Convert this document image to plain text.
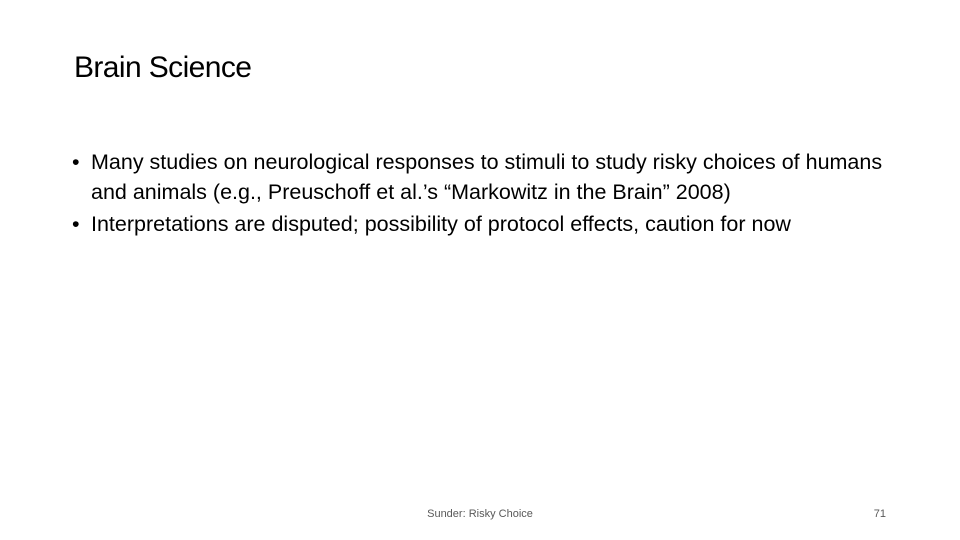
Brain Science
• Many studies on neurological responses to stimuli to study risky choices of humans and animals (e.g., Preuschoff et al.’s “Markowitz in the Brain” 2008)
• Interpretations are disputed; possibility of protocol effects, caution for now
Sunder: Risky Choice	71
